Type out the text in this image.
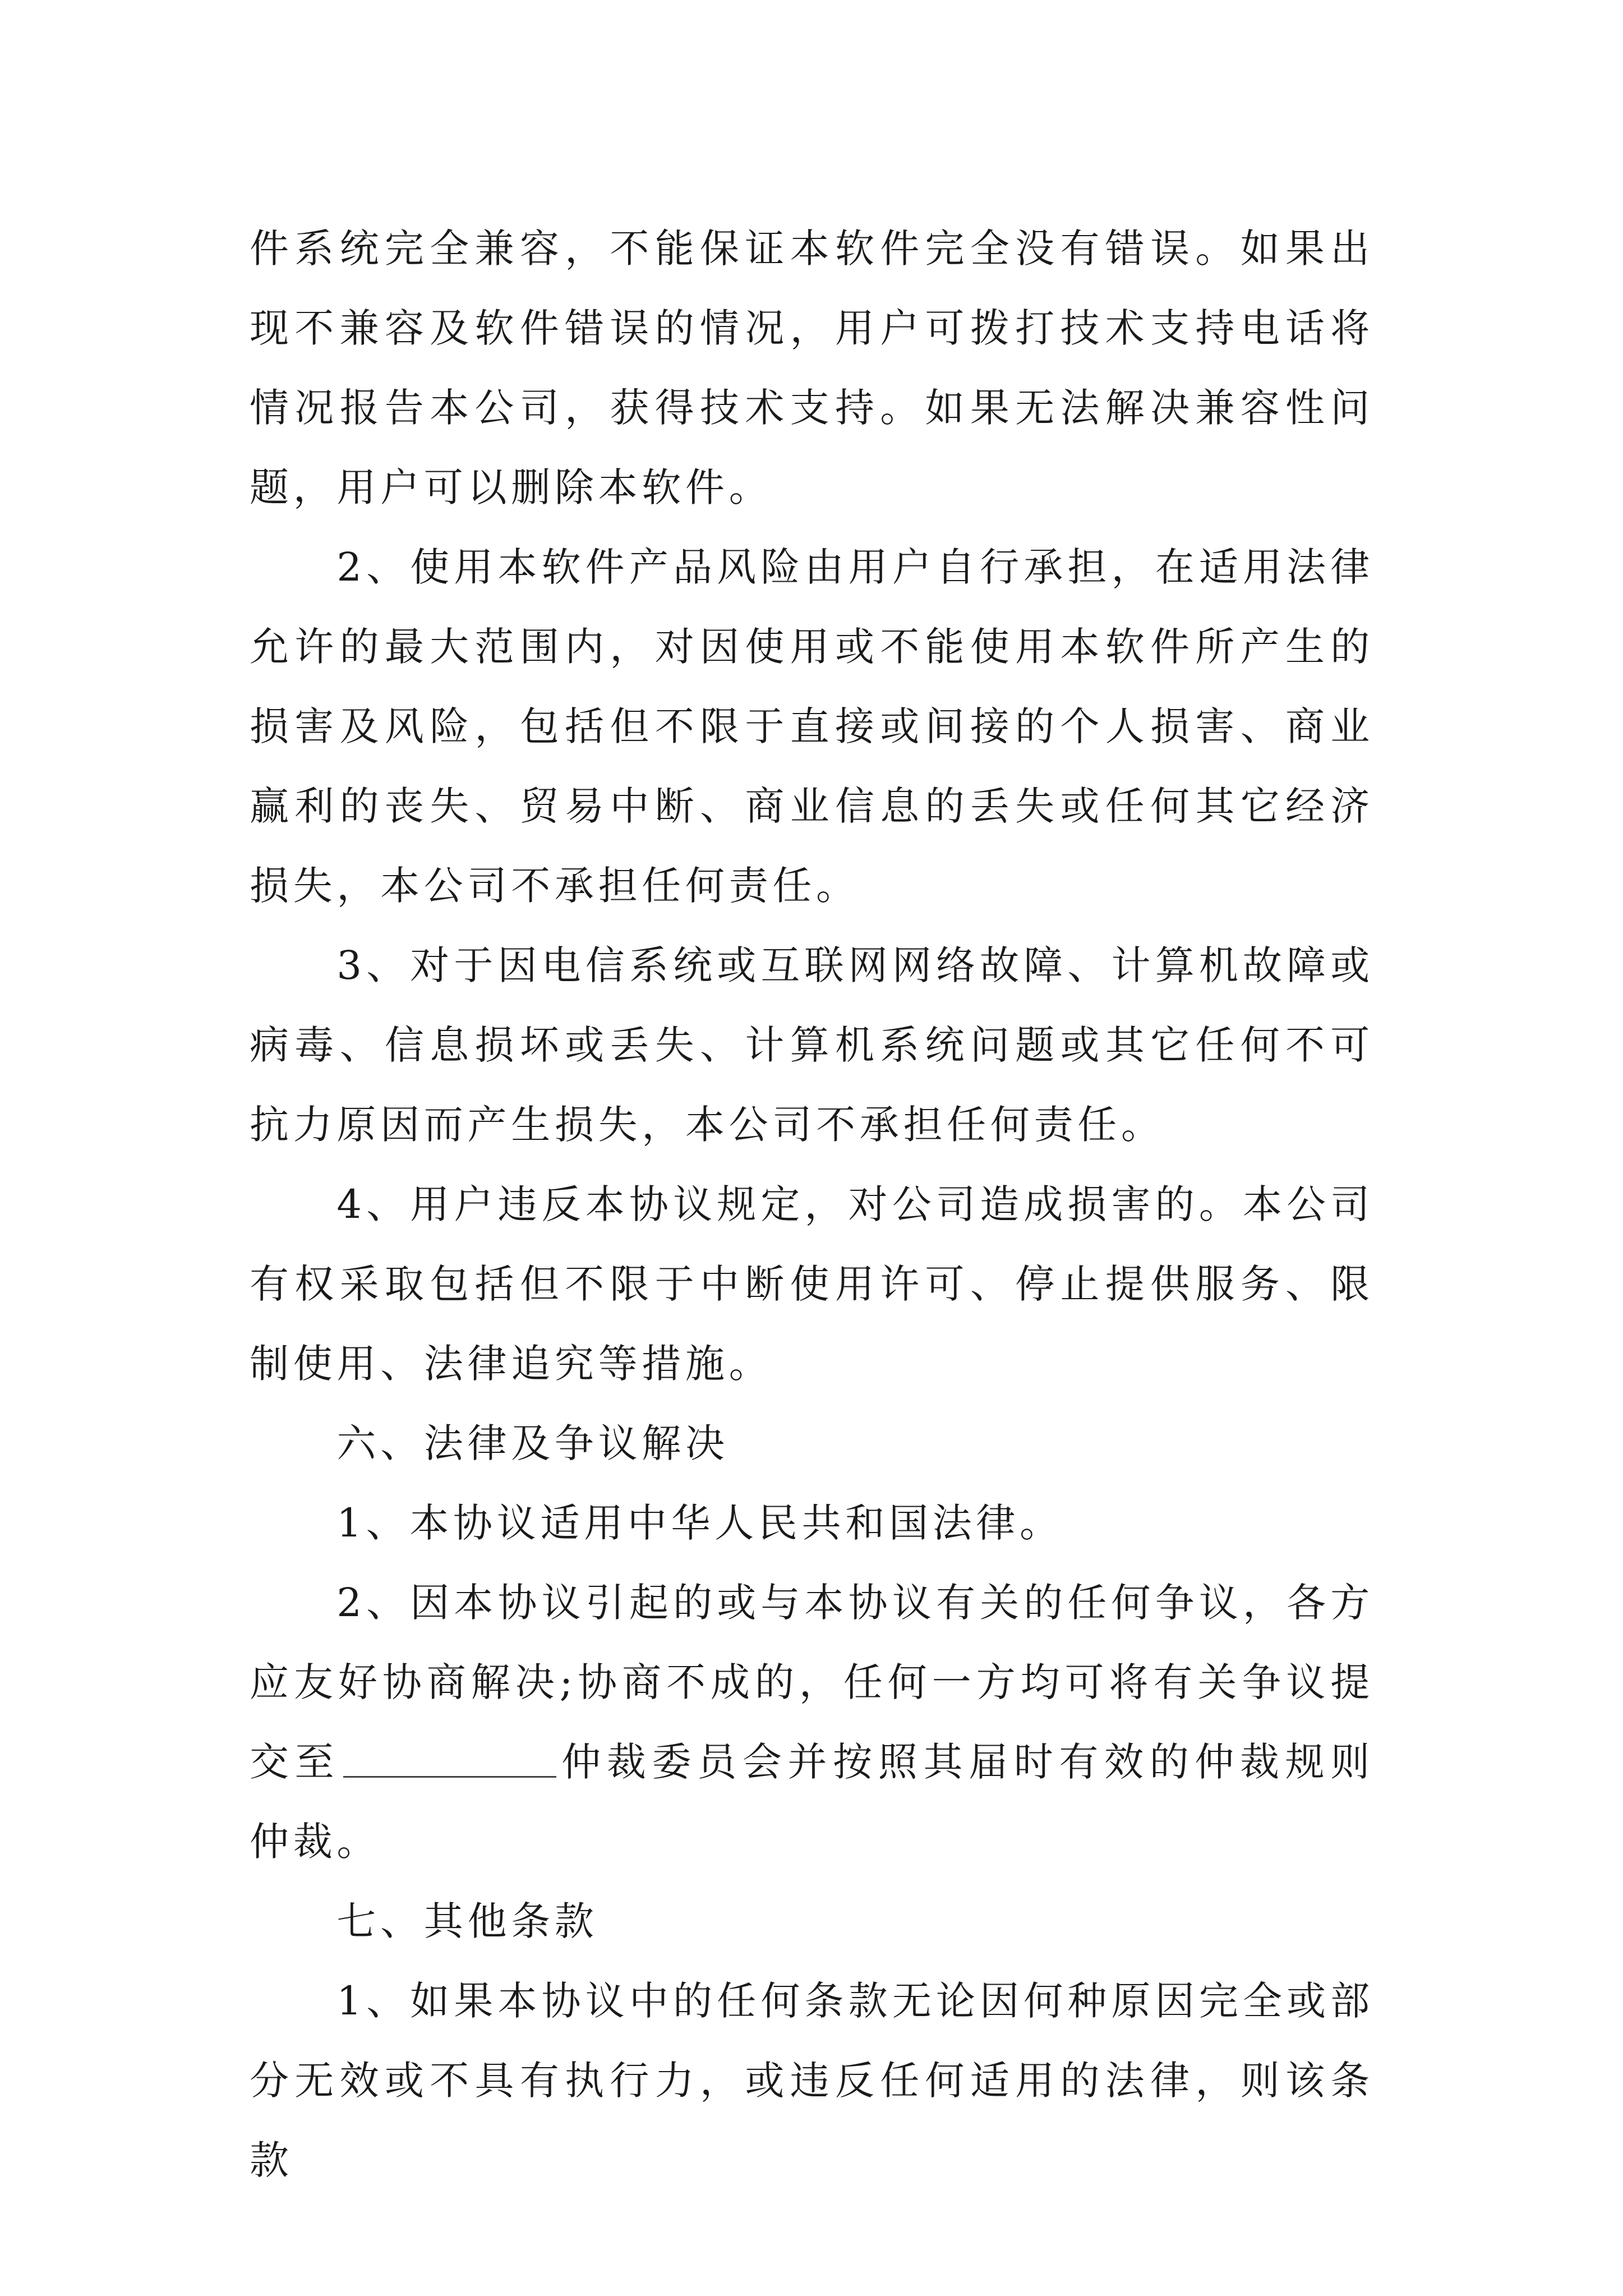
件系统完全兼容，不能保证本软件完全没有错误。如果出现不兼容及软件错误的情况，用户可拨打技术支持电话将情况报告本公司，获得技术支持。如果无法解决兼容性问题，用户可以删除本软件。

2、使用本软件产品风险由用户自行承担，在适用法律允许的最大范围内，对因使用或不能使用本软件所产生的损害及风险，包括但不限于直接或间接的个人损害、商业赢利的丧失、贸易中断、商业信息的丢失或任何其它经济损失，本公司不承担任何责任。

3、对于因电信系统或互联网网络故障、计算机故障或病毒、信息损坏或丢失、计算机系统问题或其它任何不可抗力原因而产生损失，本公司不承担任何责任。

4、用户违反本协议规定，对公司造成损害的。本公司有权采取包括但不限于中断使用许可、停止提供服务、限制使用、法律追究等措施。

六、法律及争议解决

1、本协议适用中华人民共和国法律。

2、因本协议引起的或与本协议有关的任何争议，各方应友好协商解决;协商不成的，任何一方均可将有关争议提交至	仲裁委员会并按照其届时有效的仲裁规则仲裁。

七、其他条款

1、如果本协议中的任何条款无论因何种原因完全或部分无效或不具有执行力，或违反任何适用的法律，则该条款
